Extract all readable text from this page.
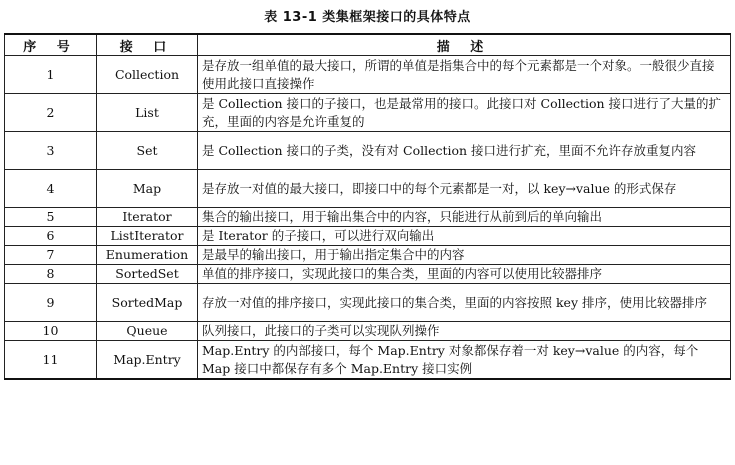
表 13-1 类集框架接口的具体特点
序 号	接 口	描 述
1	Collection	是存放一组单值的最大接口，所谓的单值是指集合中的每个元素都是一个对象。一般很少直接使用此接口直接操作
2	List	是 Collection 接口的子接口，也是最常用的接口。此接口对 Collection 接口进行了大量的扩充，里面的内容是允许重复的
3	Set	是 Collection 接口的子类，没有对 Collection 接口进行扩充，里面不允许存放重复内容
4	Map	是存放一对值的最大接口，即接口中的每个元素都是一对，以 key→value 的形式保存
5	Iterator	集合的输出接口，用于输出集合中的内容，只能进行从前到后的单向输出
6	ListIterator	是 Iterator 的子接口，可以进行双向输出
7	Enumeration	是最早的输出接口，用于输出指定集合中的内容
8	SortedSet	单值的排序接口，实现此接口的集合类，里面的内容可以使用比较器排序
9	SortedMap	存放一对值的排序接口，实现此接口的集合类，里面的内容按照 key 排序，使用比较器排序
10	Queue	队列接口，此接口的子类可以实现队列操作
11	Map.Entry	Map.Entry 的内部接口，每个 Map.Entry 对象都保存着一对 key→value 的内容，每个 Map 接口中都保存有多个 Map.Entry 接口实例
